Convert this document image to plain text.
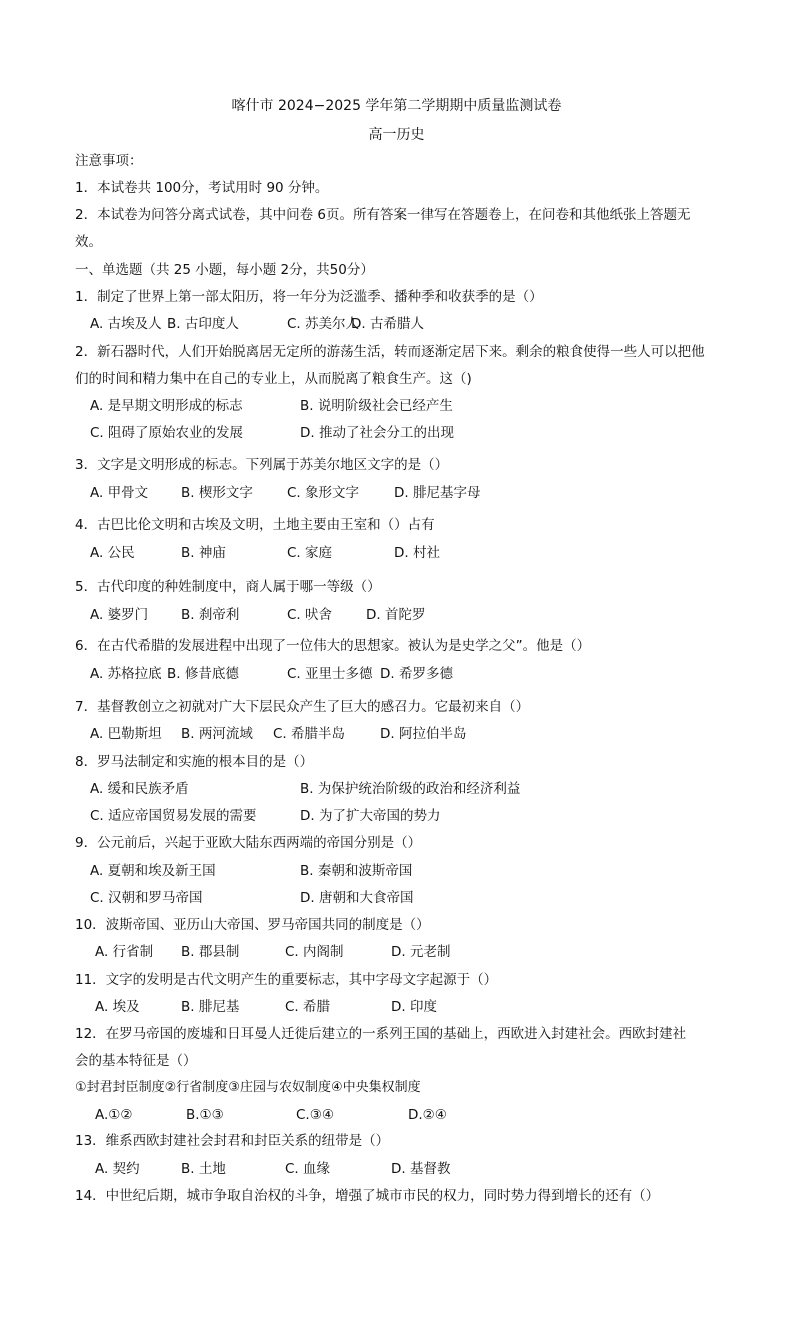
喀什市 2024−2025 学年第二学期期中质量监测试卷
高一历史
注意事项：
1．本试卷共 100分，考试用时 90 分钟。
2．本试卷为问答分离式试卷，其中问卷 6页。所有答案一律写在答题卷上，在问卷和其他纸张上答题无
效。
一、单选题（共 25 小题，每小题 2分，共50分）
1．制定了世界上第一部太阳历，将一年分为泛滥季、播种季和收获季的是（）
A. 古埃及人 B. 古印度人	C. 苏美尔人
D. 古希腊人
2．新石器时代，人们开始脱离居无定所的游荡生活，转而逐渐定居下来。剩余的粮食使得一些人可以把他
们的时间和精力集中在自己的专业上，从而脱离了粮食生产。这（)
A. 是早期文明形成的标志	B. 说明阶级社会已经产生
C. 阻碍了原始农业的发展	D. 推动了社会分工的出现
3．文字是文明形成的标志。下列属于苏美尔地区文字的是（）
A. 甲骨文 B. 楔形文字	C. 象形文字	D. 腓尼基字母
4．古巴比伦文明和古埃及文明，土地主要由王室和（）占有
A. 公民	B. 神庙	C. 家庭	D. 村社
5．古代印度的种姓制度中，商人属于哪一等级（）
A. 婆罗门 B. 刹帝利	C. 吠舍	D. 首陀罗
6．在古代希腊的发展进程中出现了一位伟大的思想家。被认为是史学之父”。他是（）
A. 苏格拉底 B. 修昔底德	C. 亚里士多德 D. 希罗多德
7．基督教创立之初就对广大下层民众产生了巨大的感召力。它最初来自（）
A. 巴勒斯坦 B. 两河流域 C. 希腊半岛	D. 阿拉伯半岛
8．罗马法制定和实施的根本目的是（）
A. 缓和民族矛盾	B. 为保护统治阶级的政治和经济利益
C. 适应帝国贸易发展的需要	D. 为了扩大帝国的势力
9．公元前后，兴起于亚欧大陆东西两端的帝国分别是（）
A. 夏朝和埃及新王国	B. 秦朝和波斯帝国
C. 汉朝和罗马帝国	D. 唐朝和大食帝国
10．波斯帝国、亚历山大帝国、罗马帝国共同的制度是（）
A. 行省制 B. 郡县制	C. 内阁制	D. 元老制
11．文字的发明是古代文明产生的重要标志，其中字母文字起源于（）
A. 埃及	B. 腓尼基	C. 希腊	D. 印度
12．在罗马帝国的废墟和日耳曼人迁徙后建立的一系列王国的基础上，西欧进入封建社会。西欧封建社
会的基本特征是（）
①封君封臣制度②行省制度③庄园与农奴制度④中央集权制度
A.①②	B.①③	C.③④	D.②④
13．维系西欧封建社会封君和封臣关系的纽带是（）
A. 契约	B. 土地	C. 血缘	D. 基督教
14．中世纪后期，城市争取自治权的斗争，增强了城市市民的权力，同时势力得到增长的还有（）
